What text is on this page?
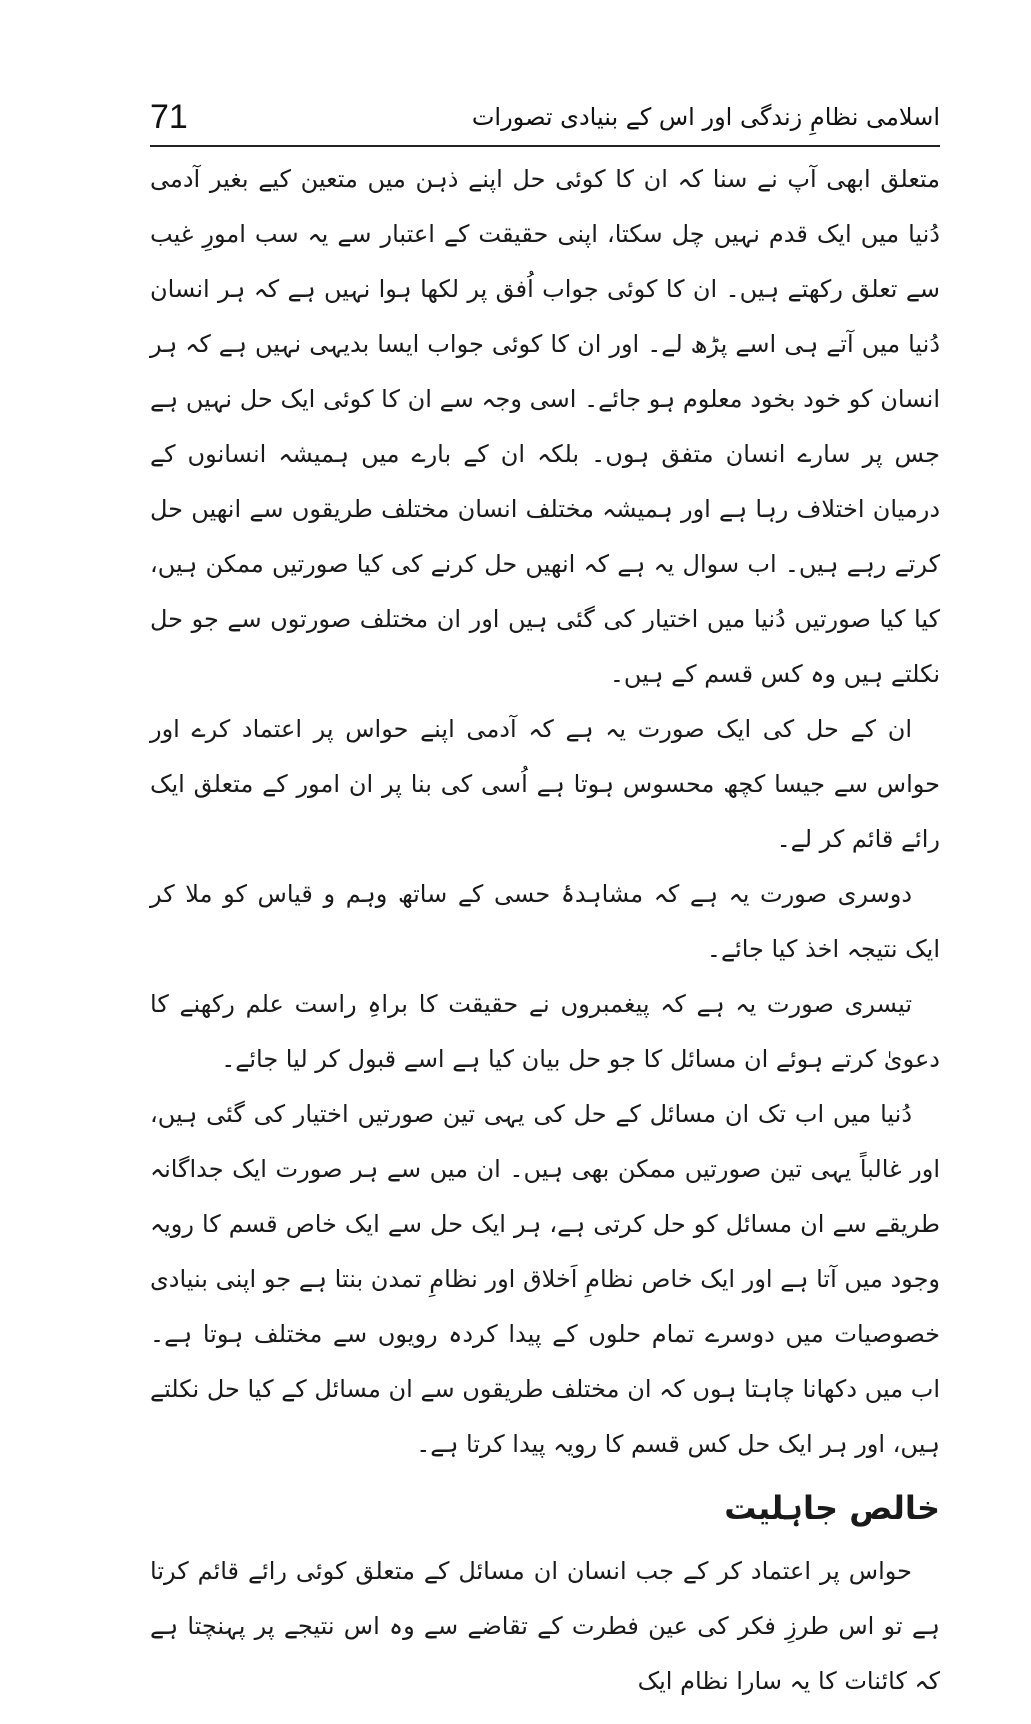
71	اسلامی نظامِ زندگی اور اس کے بنیادی تصورات

متعلق ابھی آپ نے سنا کہ ان کا کوئی حل اپنے ذہن میں متعین کیے بغیر آدمی دُنیا میں ایک قدم نہیں چل سکتا، اپنی حقیقت کے اعتبار سے یہ سب امورِ غیب سے تعلق رکھتے ہیں۔ ان کا کوئی جواب اُفق پر لکھا ہوا نہیں ہے کہ ہر انسان دُنیا میں آتے ہی اسے پڑھ لے۔ اور ان کا کوئی جواب ایسا بدیہی نہیں ہے کہ ہر انسان کو خود بخود معلوم ہو جائے۔ اسی وجہ سے ان کا کوئی ایک حل نہیں ہے جس پر سارے انسان متفق ہوں۔ بلکہ ان کے بارے میں ہمیشہ انسانوں کے درمیان اختلاف رہا ہے اور ہمیشہ مختلف انسان مختلف طریقوں سے انھیں حل کرتے رہے ہیں۔ اب سوال یہ ہے کہ انھیں حل کرنے کی کیا صورتیں ممکن ہیں، کیا کیا صورتیں دُنیا میں اختیار کی گئی ہیں اور ان مختلف صورتوں سے جو حل نکلتے ہیں وہ کس قسم کے ہیں۔

ان کے حل کی ایک صورت یہ ہے کہ آدمی اپنے حواس پر اعتماد کرے اور حواس سے جیسا کچھ محسوس ہوتا ہے اُسی کی بنا پر ان امور کے متعلق ایک رائے قائم کر لے۔

دوسری صورت یہ ہے کہ مشاہدۂ حسی کے ساتھ وہم و قیاس کو ملا کر ایک نتیجہ اخذ کیا جائے۔

تیسری صورت یہ ہے کہ پیغمبروں نے حقیقت کا براہِ راست علم رکھنے کا دعویٰ کرتے ہوئے ان مسائل کا جو حل بیان کیا ہے اسے قبول کر لیا جائے۔

دُنیا میں اب تک ان مسائل کے حل کی یہی تین صورتیں اختیار کی گئی ہیں، اور غالباً یہی تین صورتیں ممکن بھی ہیں۔ ان میں سے ہر صورت ایک جداگانہ طریقے سے ان مسائل کو حل کرتی ہے، ہر ایک حل سے ایک خاص قسم کا رویہ وجود میں آتا ہے اور ایک خاص نظامِ اَخلاق اور نظامِ تمدن بنتا ہے جو اپنی بنیادی خصوصیات میں دوسرے تمام حلوں کے پیدا کردہ رویوں سے مختلف ہوتا ہے۔ اب میں دکھانا چاہتا ہوں کہ ان مختلف طریقوں سے ان مسائل کے کیا حل نکلتے ہیں، اور ہر ایک حل کس قسم کا رویہ پیدا کرتا ہے۔

خالص جاہلیت

حواس پر اعتماد کر کے جب انسان ان مسائل کے متعلق کوئی رائے قائم کرتا ہے تو اس طرزِ فکر کی عین فطرت کے تقاضے سے وہ اس نتیجے پر پہنچتا ہے کہ کائنات کا یہ سارا نظام ایک
